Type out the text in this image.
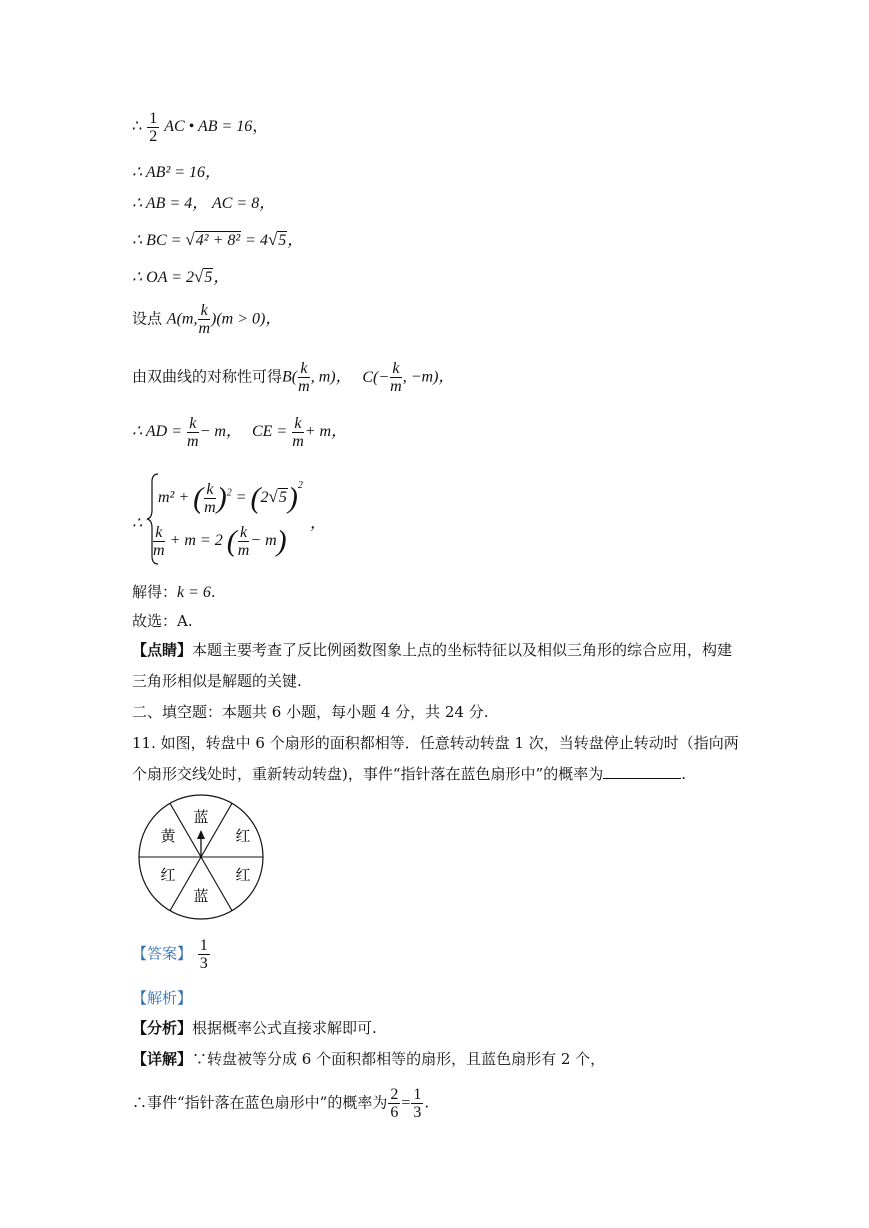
∴ $\frac{1}{2}$ AC • AB = 16，
∴ AB² = 16，
∴ AB = 4， AC = 8，
∴ BC = √4² + 8² = 4√5，
∴ OA = 2√5，
设点 A(m, $\frac{k}{m} )(m > 0)$，
由双曲线的对称性可得$B( \frac{k}{m}$ , m)， $C(- \frac{k}{m}$ , −m)，
∴ AD = $\frac{k}{m} - m$， CE = $\frac{k}{m} + m$，
∴
m² + ( $\frac{k}{m} )^2 = (2√5)^2$
$\frac{k}{m} + m = 2$ ( $\frac{k}{m} - m$)
，
解得：k = 6.
故选：A.
【点睛】本题主要考查了反比例函数图象上点的坐标特征以及相似三角形的综合应用，构建
三角形相似是解题的关键.
二、填空题：本题共 6 小题，每小题 4 分，共 24 分.
11. 如图，转盘中 6 个扇形的面积都相等．任意转动转盘 1 次，当转盘停止转动时（指向两
个扇形交线处时，重新转动转盘)，事件“指针落在蓝色扇形中”的概率为	.
蓝
红
红
蓝
红
黄
【答案】 $\frac{1}{3}$
【解析】
【分析】根据概率公式直接求解即可.
【详解】∵转盘被等分成 6 个面积都相等的扇形，且蓝色扇形有 2 个，
∴事件“指针落在蓝色扇形中”的概率为 $\frac{2}{6} = \frac{1}{3}$ .
